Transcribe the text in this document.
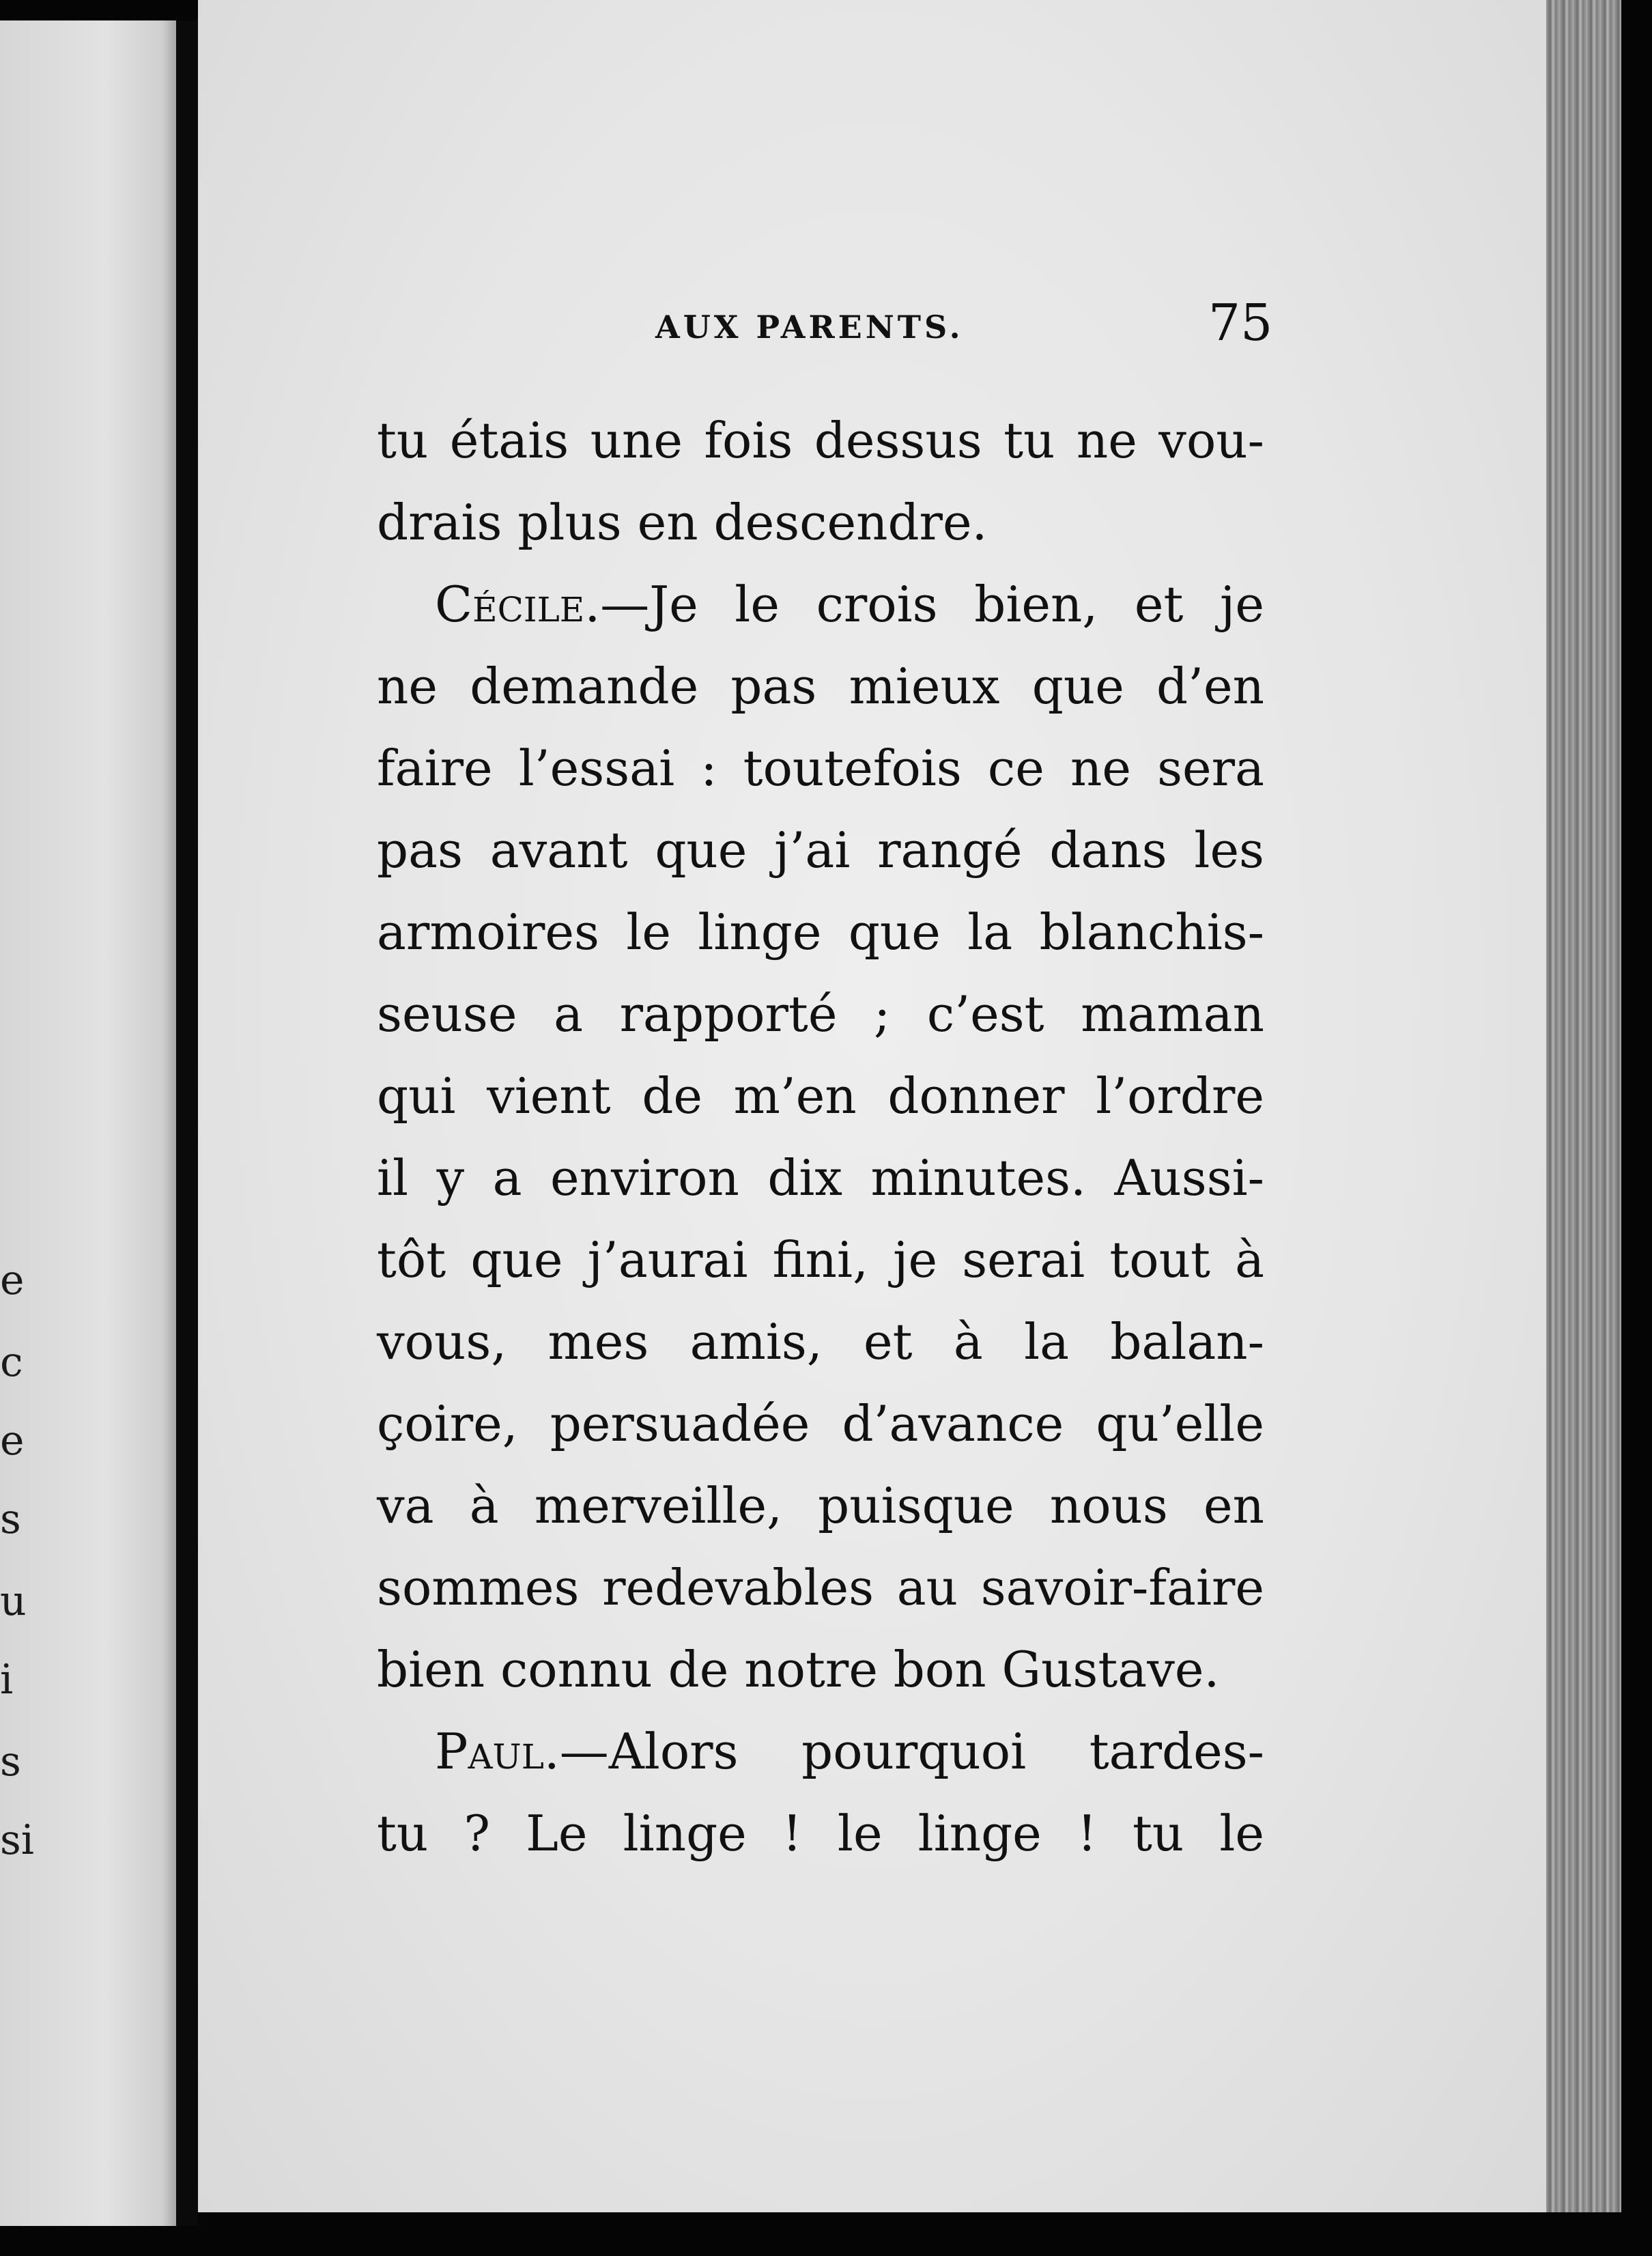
e
c
e
s
u
i
s
si
AUX PARENTS.	75
tu étais une fois dessus tu ne vou-
drais plus en descendre.
Cécile.—Je le crois bien, et je
ne demande pas mieux que d’en
faire l’essai : toutefois ce ne sera
pas avant que j’ai rangé dans les
armoires le linge que la blanchis-
seuse a rapporté ; c’est maman
qui vient de m’en donner l’ordre
il y a environ dix minutes. Aussi-
tôt que j’aurai fini, je serai tout à
vous, mes amis, et à la balan-
çoire, persuadée d’avance qu’elle
va à merveille, puisque nous en
sommes redevables au savoir-faire
bien connu de notre bon Gustave.
Paul.—Alors pourquoi tardes-
tu ? Le linge ! le linge ! tu le
